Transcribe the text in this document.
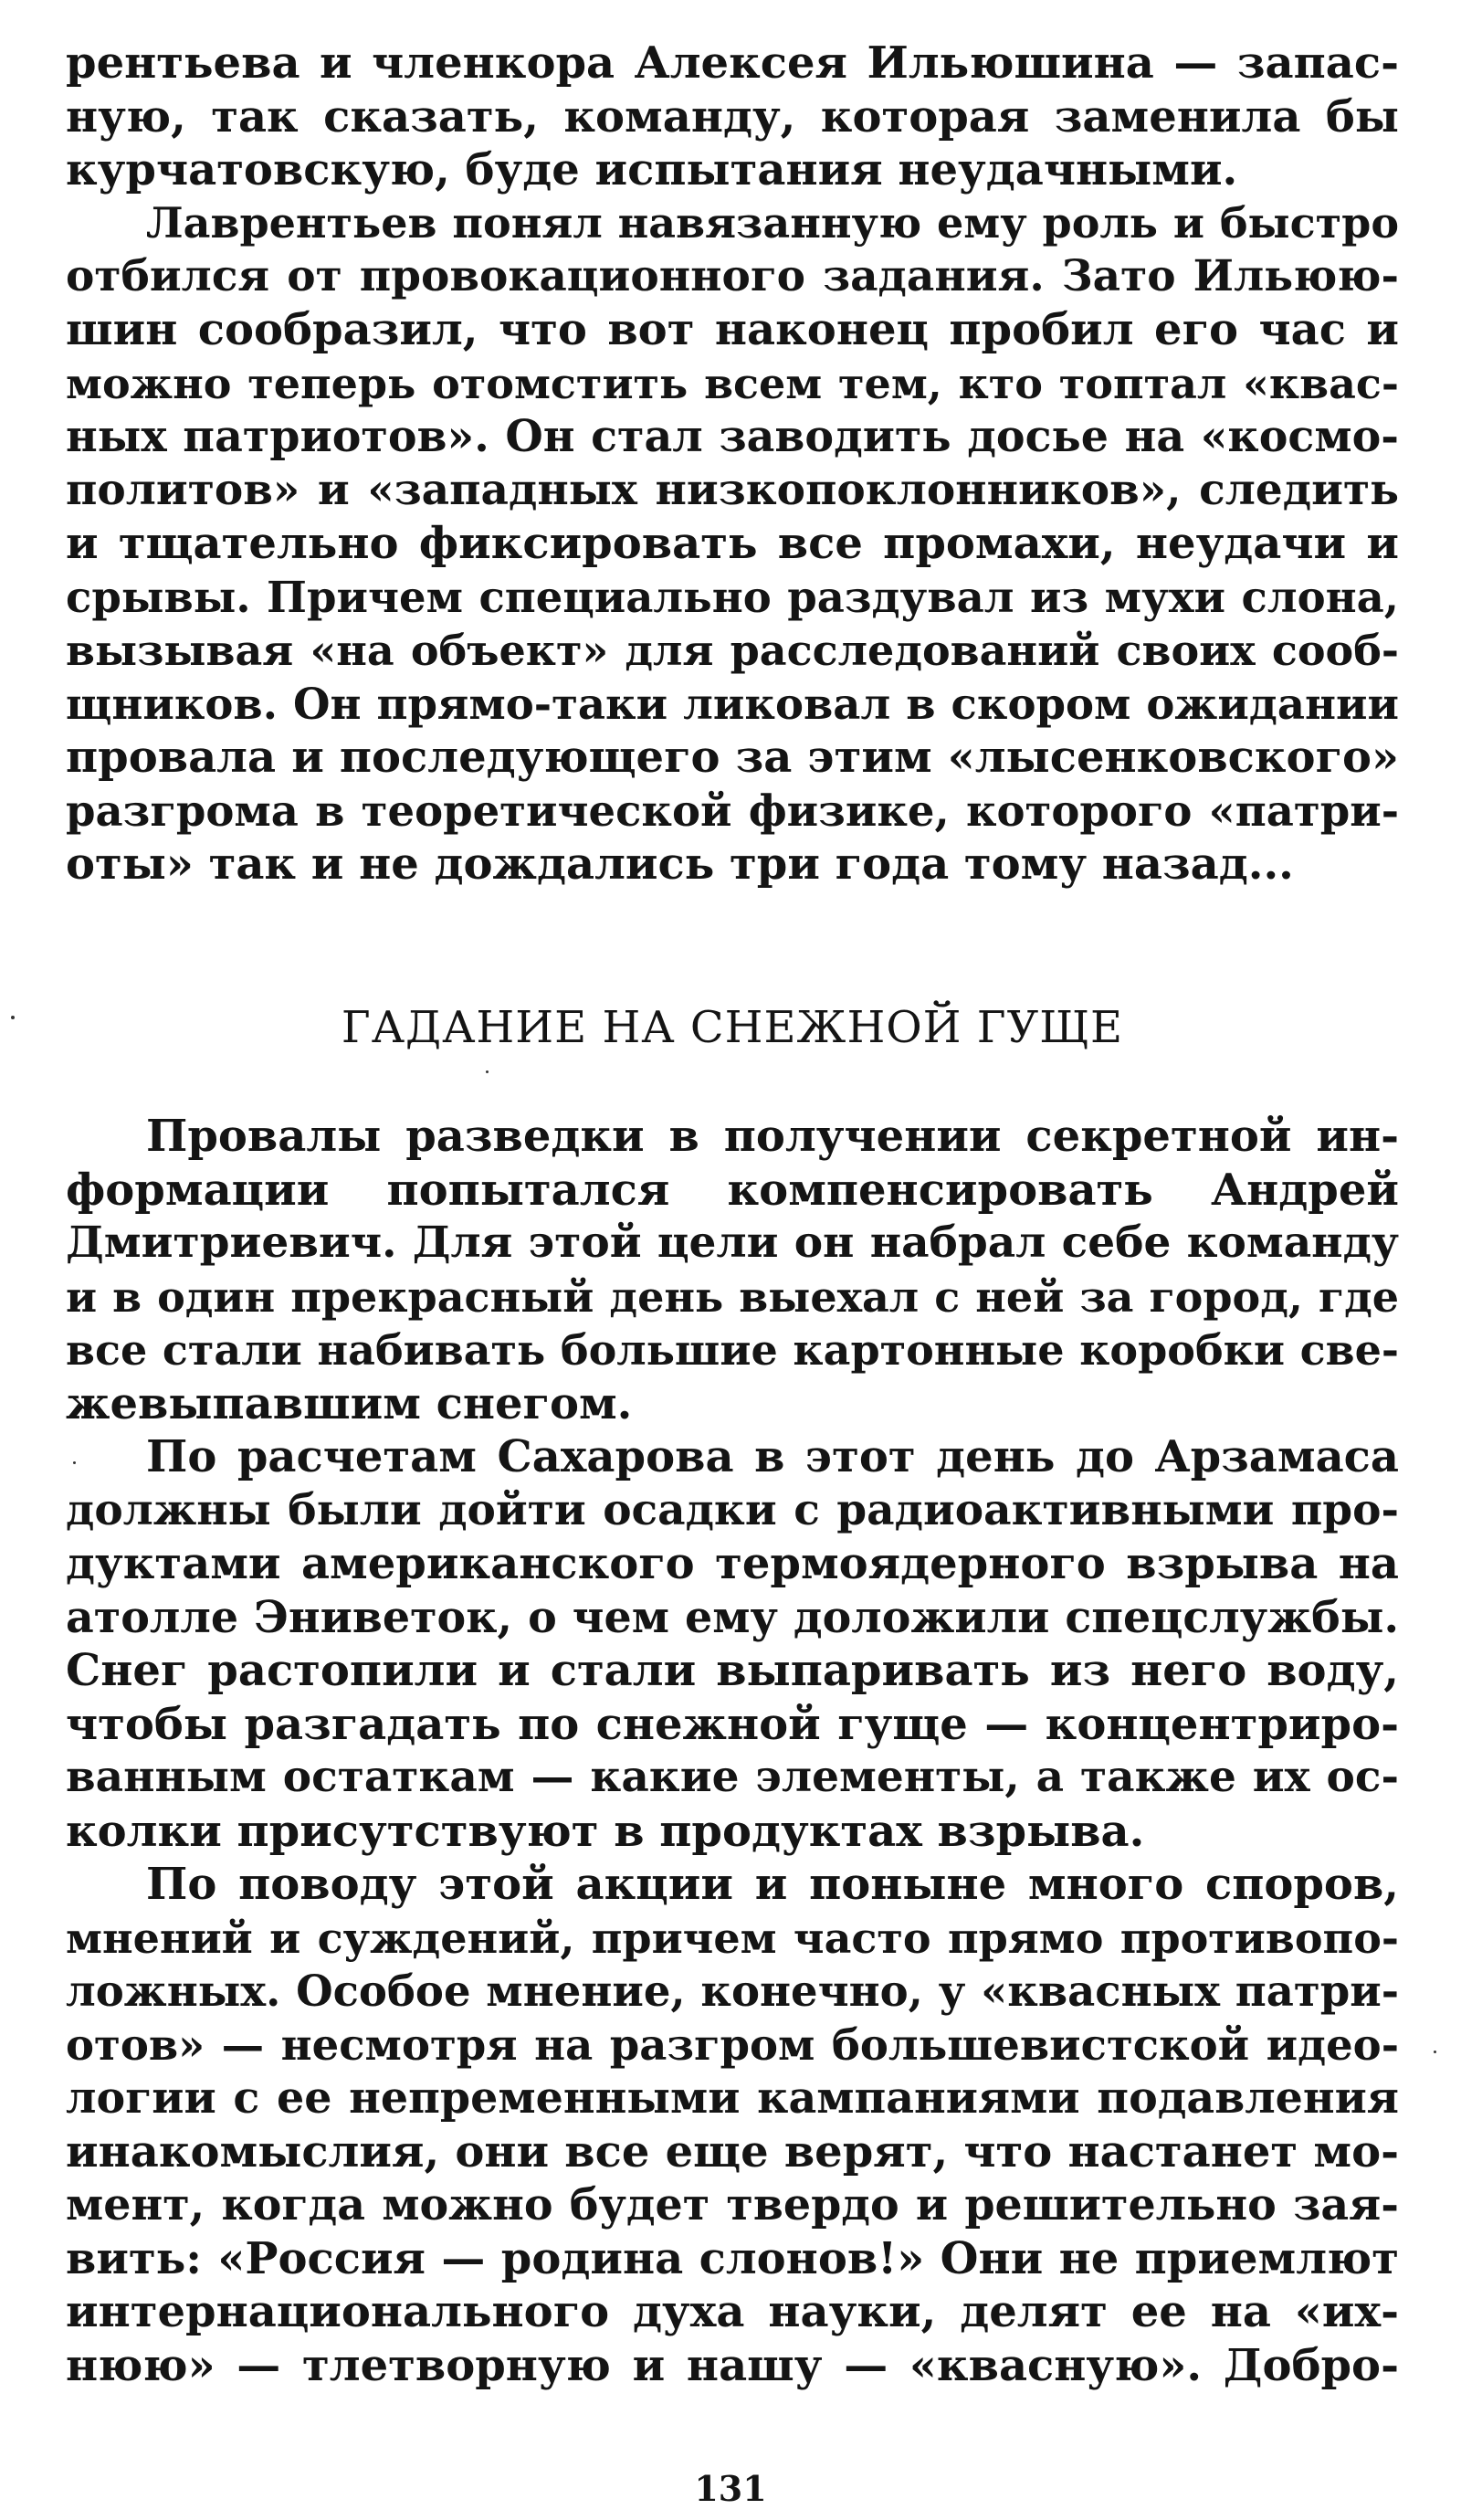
рентьева и членкора Алексея Ильюшина — запас-
ную, так сказать, команду, которая заменила бы
курчатовскую, буде испытания неудачными.
Лаврентьев понял навязанную ему роль и быстро
отбился от провокационного задания. Зато Ильюю-
шин сообразил, что вот наконец пробил его час и
можно теперь отомстить всем тем, кто топтал «квас-
ных патриотов». Он стал заводить досье на «космо-
политов» и «западных низкопоклонников», следить
и тщательно фиксировать все промахи, неудачи и
срывы. Причем специально раздувал из мухи слона,
вызывая «на объект» для расследований своих сооб-
щников. Он прямо-таки ликовал в скором ожидании
провала и последующего за этим «лысенковского»
разгрома в теоретической физике, которого «патри-
оты» так и не дождались три года тому назад...
ГАДАНИЕ НА СНЕЖНОЙ ГУЩЕ
Провалы разведки в получении секретной ин-
формации попытался компенсировать Андрей
Дмитриевич. Для этой цели он набрал себе команду
и в один прекрасный день выехал с ней за город, где
все стали набивать большие картонные коробки све-
жевыпавшим снегом.
По расчетам Сахарова в этот день до Арзамаса
должны были дойти осадки с радиоактивными про-
дуктами американского термоядерного взрыва на
атолле Эниветок, о чем ему доложили спецслужбы.
Снег растопили и стали выпаривать из него воду,
чтобы разгадать по снежной гуще — концентриро-
ванным остаткам — какие элементы, а также их ос-
колки присутствуют в продуктах взрыва.
По поводу этой акции и поныне много споров,
мнений и суждений, причем часто прямо противопо-
ложных. Особое мнение, конечно, у «квасных патри-
отов» — несмотря на разгром большевистской идео-
логии с ее непременными кампаниями подавления
инакомыслия, они все еще верят, что настанет мо-
мент, когда можно будет твердо и решительно зая-
вить: «Россия — родина слонов!» Они не приемлют
интернационального духа науки, делят ее на «их-
нюю» — тлетворную и нашу — «квасную». Добро-
131
